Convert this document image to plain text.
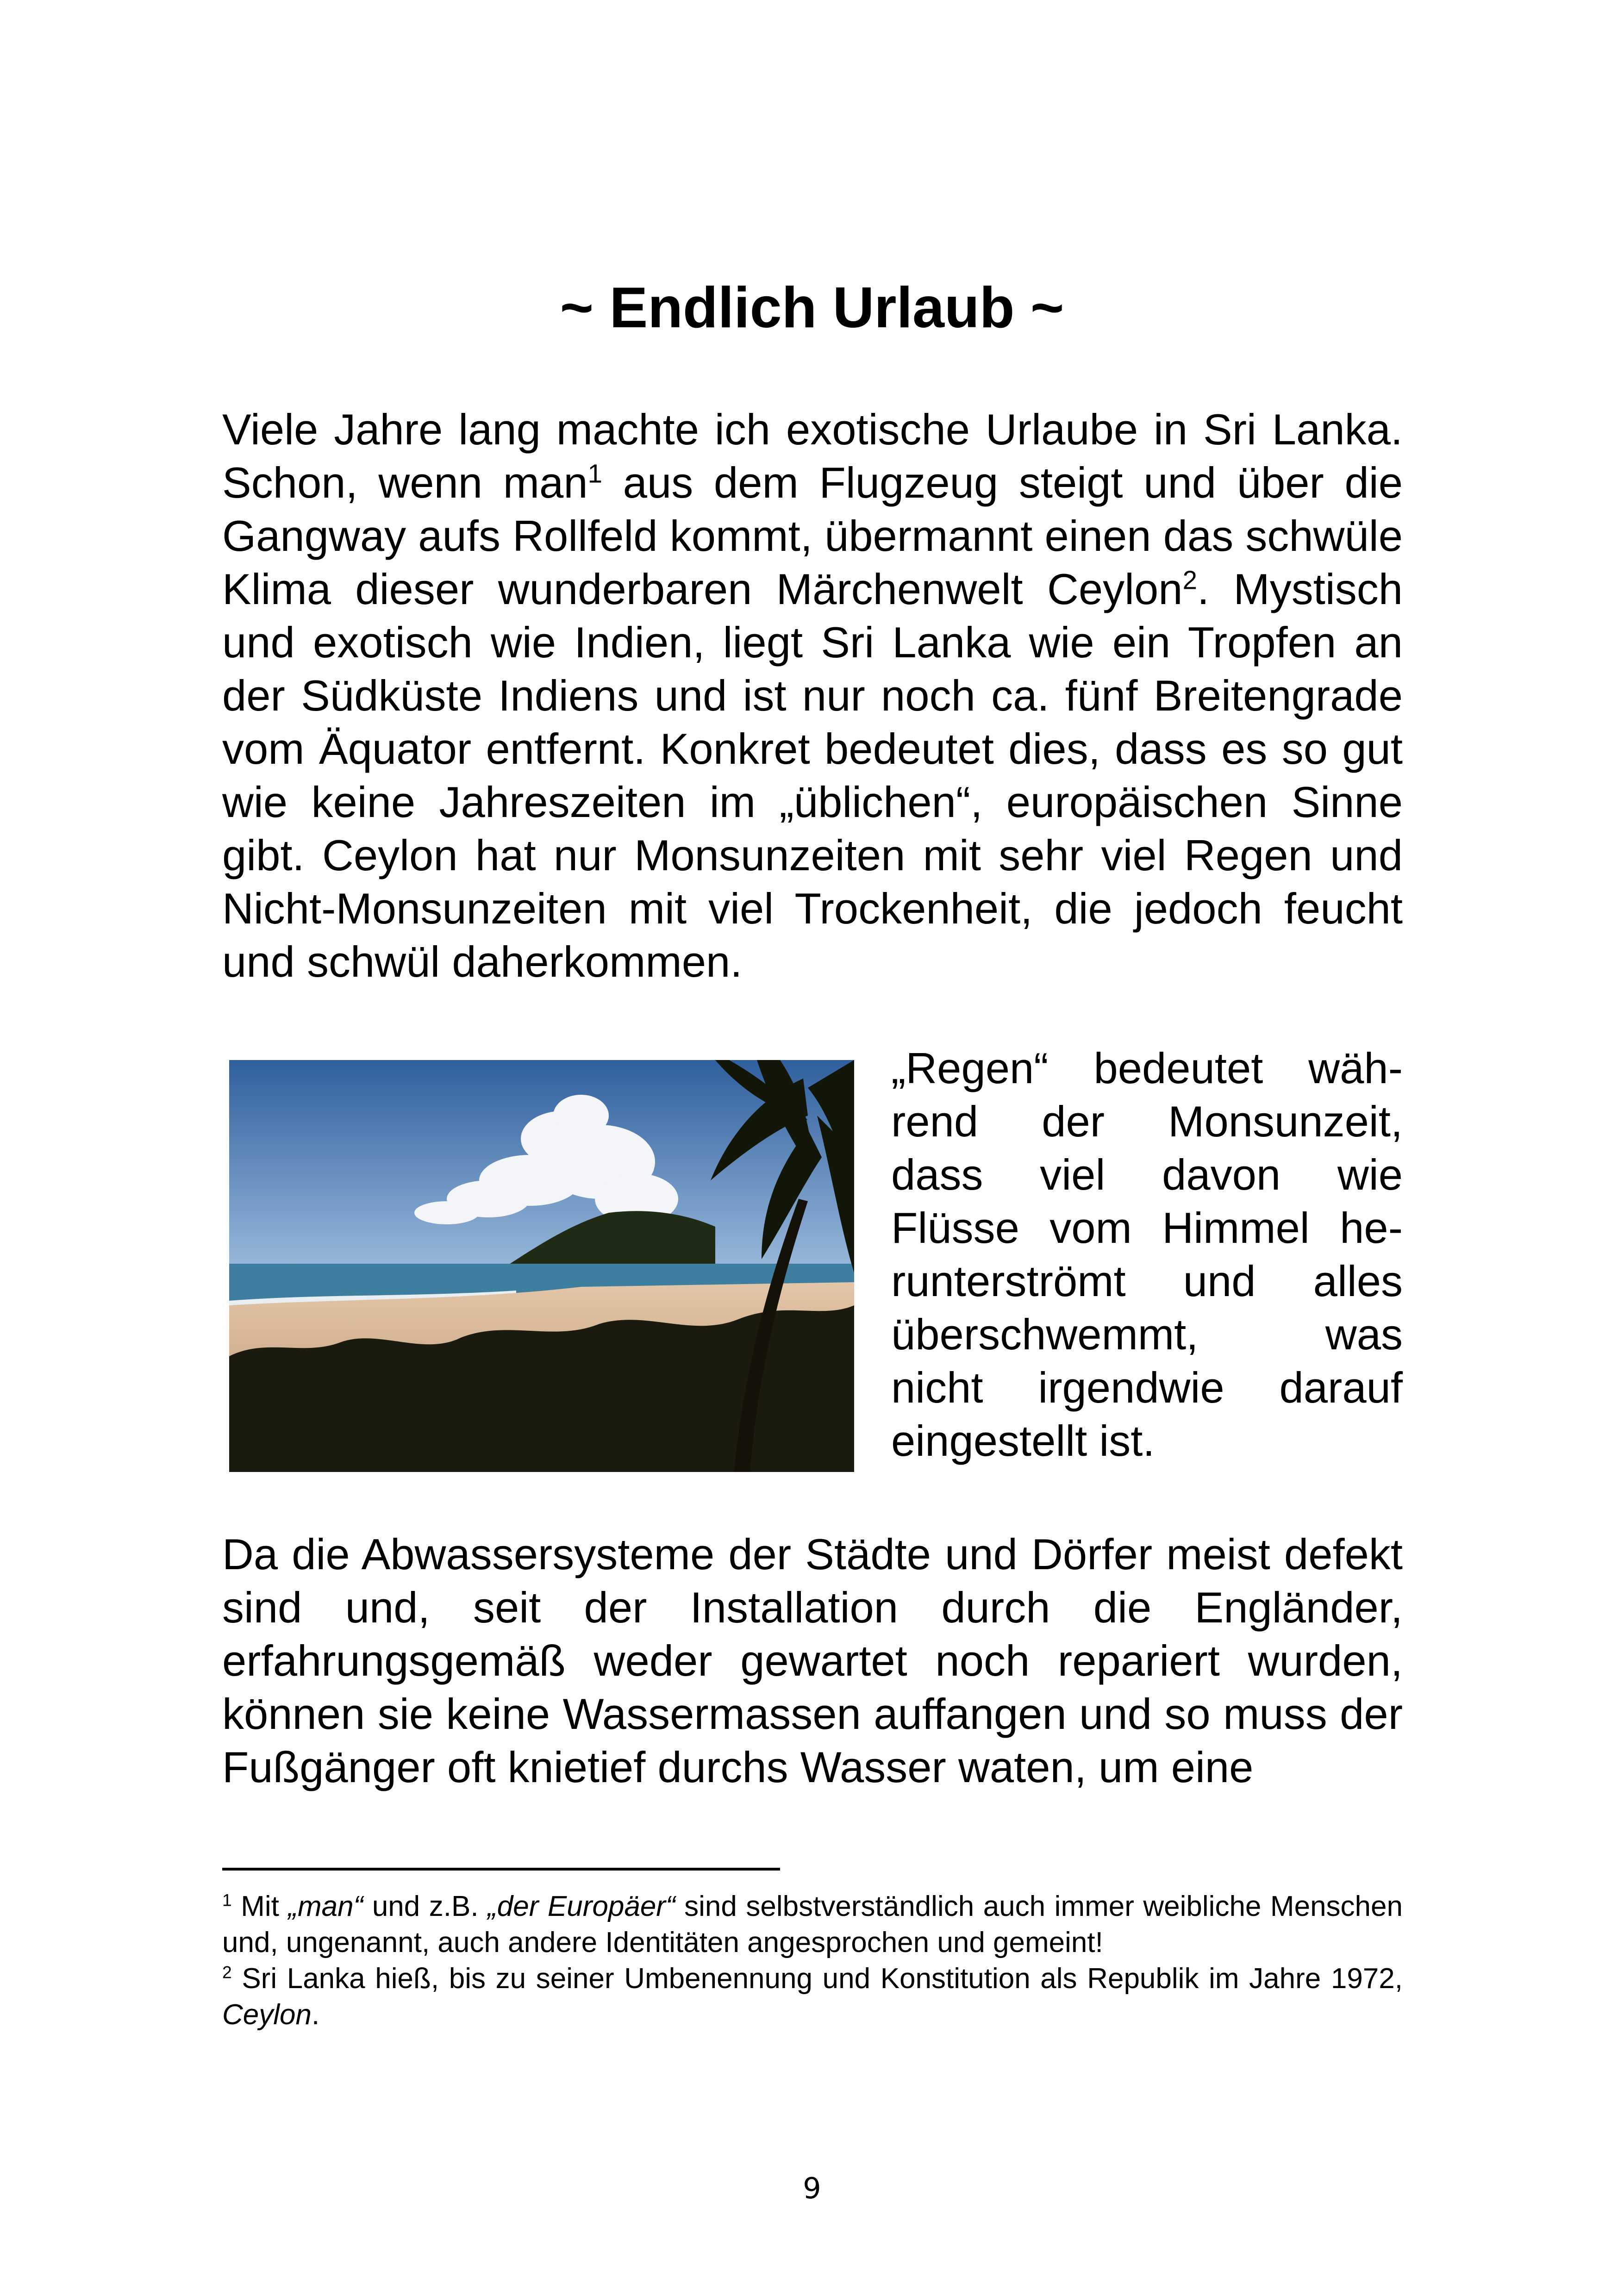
~ Endlich Urlaub ~

Viele Jahre lang machte ich exotische Urlaube in Sri Lanka. Schon, wenn man$^1$ aus dem Flugzeug steigt und über die Gangway aufs Rollfeld kommt, übermannt einen das schwüle Klima dieser wunderbaren Märchenwelt Ceylon$^2$. Mystisch und exotisch wie Indien, liegt Sri Lanka wie ein Tropfen an der Südküste Indiens und ist nur noch ca. fünf Breitengrade vom Äquator entfernt. Konkret bedeutet dies, dass es so gut wie keine Jahreszeiten im „üblichen“, europäischen Sinne gibt. Ceylon hat nur Monsunzeiten mit sehr viel Regen und Nicht-Monsunzeiten mit viel Trockenheit, die jedoch feucht und schwül daherkommen.

„Regen“ bedeutet wäh-
rend der Monsunzeit,
dass viel davon wie
Flüsse vom Himmel he-
runterströmt und alles
überschwemmt, was
nicht irgendwie darauf
eingestellt ist.

Da die Abwassersysteme der Städte und Dörfer meist defekt sind und, seit der Installation durch die Engländer, erfahrungsgemäß weder gewartet noch repariert wurden, können sie keine Wassermassen auffangen und so muss der Fußgänger oft knietief durchs Wasser waten, um eine

$^1$ Mit „man“ und z.B. „der Europäer“ sind selbstverständlich auch immer weibliche Menschen und, ungenannt, auch andere Identitäten angesprochen und gemeint!

$^2$ Sri Lanka hieß, bis zu seiner Umbenennung und Konstitution als Republik im Jahre 1972, Ceylon.

9
